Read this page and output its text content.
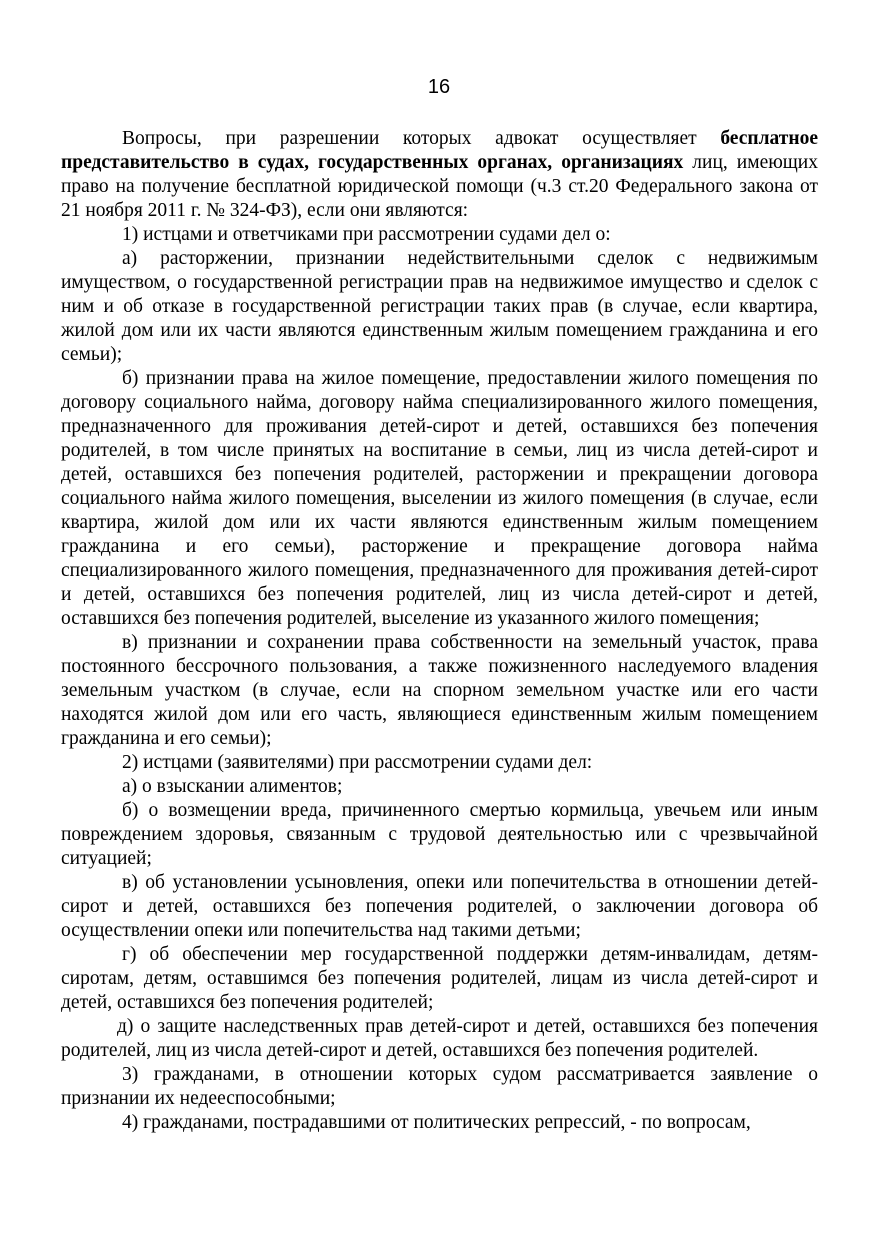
16

Вопросы, при разрешении которых адвокат осуществляет бесплатное представительство в судах, государственных органах, организациях лиц, имеющих право на получение бесплатной юридической помощи (ч.3 ст.20 Федерального закона от 21 ноября 2011 г. № 324-ФЗ), если они являются:

1) истцами и ответчиками при рассмотрении судами дел о:

а) расторжении, признании недействительными сделок с недвижимым имуществом, о государственной регистрации прав на недвижимое имущество и сделок с ним и об отказе в государственной регистрации таких прав (в случае, если квартира, жилой дом или их части являются единственным жилым помещением гражданина и его семьи);

б) признании права на жилое помещение, предоставлении жилого помещения по договору социального найма, договору найма специализированного жилого помещения, предназначенного для проживания детей-сирот и детей, оставшихся без попечения родителей, в том числе принятых на воспитание в семьи, лиц из числа детей-сирот и детей, оставшихся без попечения родителей, расторжении и прекращении договора социального найма жилого помещения, выселении из жилого помещения (в случае, если квартира, жилой дом или их части являются единственным жилым помещением гражданина и его семьи), расторжение и прекращение договора найма специализированного жилого помещения, предназначенного для проживания детей-сирот и детей, оставшихся без попечения родителей, лиц из числа детей-сирот и детей, оставшихся без попечения родителей, выселение из указанного жилого помещения;

в) признании и сохранении права собственности на земельный участок, права постоянного бессрочного пользования, а также пожизненного наследуемого владения земельным участком (в случае, если на спорном земельном участке или его части находятся жилой дом или его часть, являющиеся единственным жилым помещением гражданина и его семьи);

2) истцами (заявителями) при рассмотрении судами дел:

а) о взыскании алиментов;

б) о возмещении вреда, причиненного смертью кормильца, увечьем или иным повреждением здоровья, связанным с трудовой деятельностью или с чрезвычайной ситуацией;

в) об установлении усыновления, опеки или попечительства в отношении детей-сирот и детей, оставшихся без попечения родителей, о заключении договора об осуществлении опеки или попечительства над такими детьми;

г) об обеспечении мер государственной поддержки детям-инвалидам, детям-сиротам, детям, оставшимся без попечения родителей, лицам из числа детей-сирот и детей, оставшихся без попечения родителей;

д) о защите наследственных прав детей-сирот и детей, оставшихся без попечения родителей, лиц из числа детей-сирот и детей, оставшихся без попечения родителей.

3) гражданами, в отношении которых судом рассматривается заявление о признании их недееспособными;

4) гражданами, пострадавшими от политических репрессий, - по вопросам,
